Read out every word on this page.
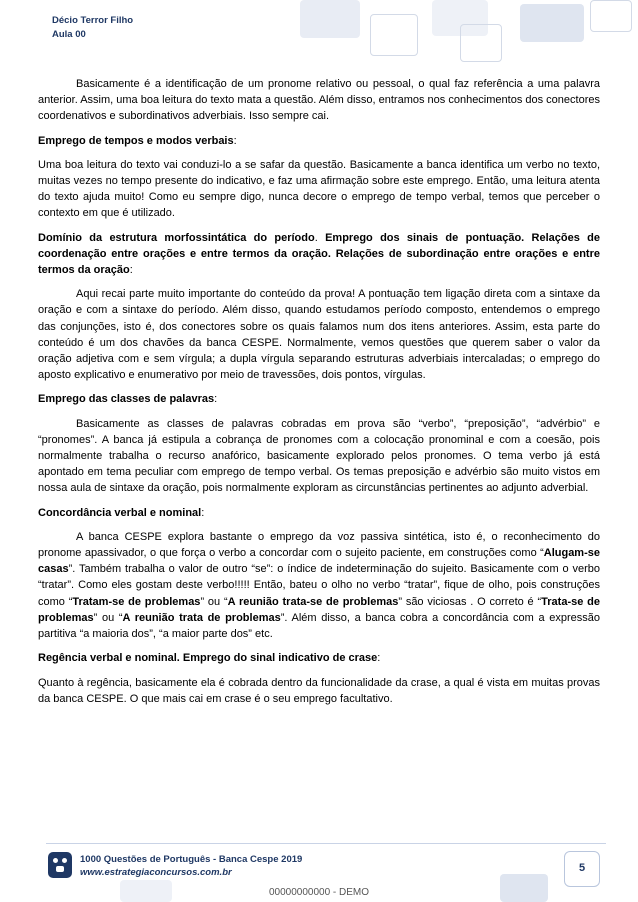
Décio Terror Filho
Aula 00

Basicamente é a identificação de um pronome relativo ou pessoal, o qual faz referência a uma palavra anterior. Assim, uma boa leitura do texto mata a questão. Além disso, entramos nos conhecimentos dos conectores coordenativos e subordinativos adverbiais. Isso sempre cai.

Emprego de tempos e modos verbais:

Uma boa leitura do texto vai conduzi-lo a se safar da questão. Basicamente a banca identifica um verbo no texto, muitas vezes no tempo presente do indicativo, e faz uma afirmação sobre este emprego. Então, uma leitura atenta do texto ajuda muito! Como eu sempre digo, nunca decore o emprego de tempo verbal, temos que perceber o contexto em que é utilizado.

Domínio da estrutura morfossintática do período. Emprego dos sinais de pontuação. Relações de coordenação entre orações e entre termos da oração. Relações de subordinação entre orações e entre termos da oração:

Aqui recai parte muito importante do conteúdo da prova! A pontuação tem ligação direta com a sintaxe da oração e com a sintaxe do período. Além disso, quando estudamos período composto, entendemos o emprego das conjunções, isto é, dos conectores sobre os quais falamos num dos itens anteriores. Assim, esta parte do conteúdo é um dos chavões da banca CESPE. Normalmente, vemos questões que querem saber o valor da oração adjetiva com e sem vírgula; a dupla vírgula separando estruturas adverbiais intercaladas; o emprego do aposto explicativo e enumerativo por meio de travessões, dois pontos, vírgulas.

Emprego das classes de palavras:

Basicamente as classes de palavras cobradas em prova são “verbo”, “preposição”, “advérbio” e “pronomes”. A banca já estipula a cobrança de pronomes com a colocação pronominal e com a coesão, pois normalmente trabalha o recurso anafórico, basicamente explorado pelos pronomes. O tema verbo já está apontado em tema peculiar com emprego de tempo verbal. Os temas preposição e advérbio são muito vistos em nossa aula de sintaxe da oração, pois normalmente exploram as circunstâncias pertinentes ao adjunto adverbial.

Concordância verbal e nominal:

A banca CESPE explora bastante o emprego da voz passiva sintética, isto é, o reconhecimento do pronome apassivador, o que força o verbo a concordar com o sujeito paciente, em construções como “Alugam-se casas”. Também trabalha o valor de outro “se”: o índice de indeterminação do sujeito. Basicamente com o verbo “tratar”. Como eles gostam deste verbo!!!!! Então, bateu o olho no verbo “tratar”, fique de olho, pois construções como “Tratam-se de problemas” ou “A reunião trata-se de problemas” são viciosas . O correto é “Trata-se de problemas” ou “A reunião trata de problemas”. Além disso, a banca cobra a concordância com a expressão partitiva “a maioria dos”, “a maior parte dos” etc.

Regência verbal e nominal. Emprego do sinal indicativo de crase:

Quanto à regência, basicamente ela é cobrada dentro da funcionalidade da crase, a qual é vista em muitas provas da banca CESPE. O que mais cai em crase é o seu emprego facultativo.

1000 Questões de Português - Banca Cespe 2019
www.estrategiaconcursos.com.br	5
00000000000 - DEMO
